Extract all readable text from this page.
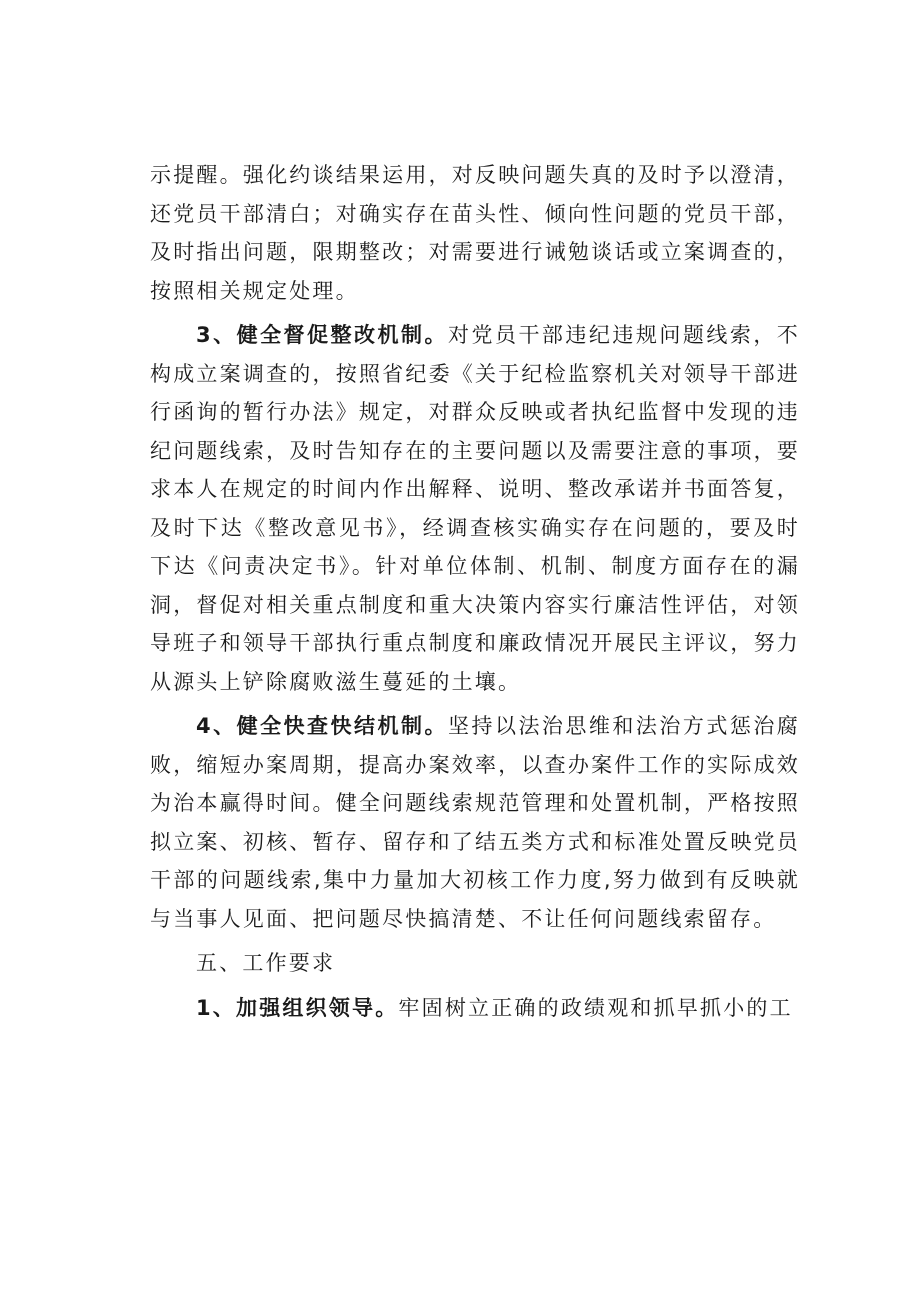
示提醒。强化约谈结果运用，对反映问题失真的及时予以澄清，还党员干部清白；对确实存在苗头性、倾向性问题的党员干部，及时指出问题，限期整改；对需要进行诫勉谈话或立案调查的，按照相关规定处理。

3、健全督促整改机制。对党员干部违纪违规问题线索，不构成立案调查的，按照省纪委《关于纪检监察机关对领导干部进行函询的暂行办法》规定，对群众反映或者执纪监督中发现的违纪问题线索，及时告知存在的主要问题以及需要注意的事项，要求本人在规定的时间内作出解释、说明、整改承诺并书面答复，及时下达《整改意见书》，经调查核实确实存在问题的，要及时下达《问责决定书》。针对单位体制、机制、制度方面存在的漏洞，督促对相关重点制度和重大决策内容实行廉洁性评估，对领导班子和领导干部执行重点制度和廉政情况开展民主评议，努力从源头上铲除腐败滋生蔓延的土壤。

4、健全快查快结机制。坚持以法治思维和法治方式惩治腐败，缩短办案周期，提高办案效率，以查办案件工作的实际成效为治本赢得时间。健全问题线索规范管理和处置机制，严格按照拟立案、初核、暂存、留存和了结五类方式和标准处置反映党员干部的问题线索,集中力量加大初核工作力度,努力做到有反映就与当事人见面、把问题尽快搞清楚、不让任何问题线索留存。

五、工作要求

1、加强组织领导。牢固树立正确的政绩观和抓早抓小的工
